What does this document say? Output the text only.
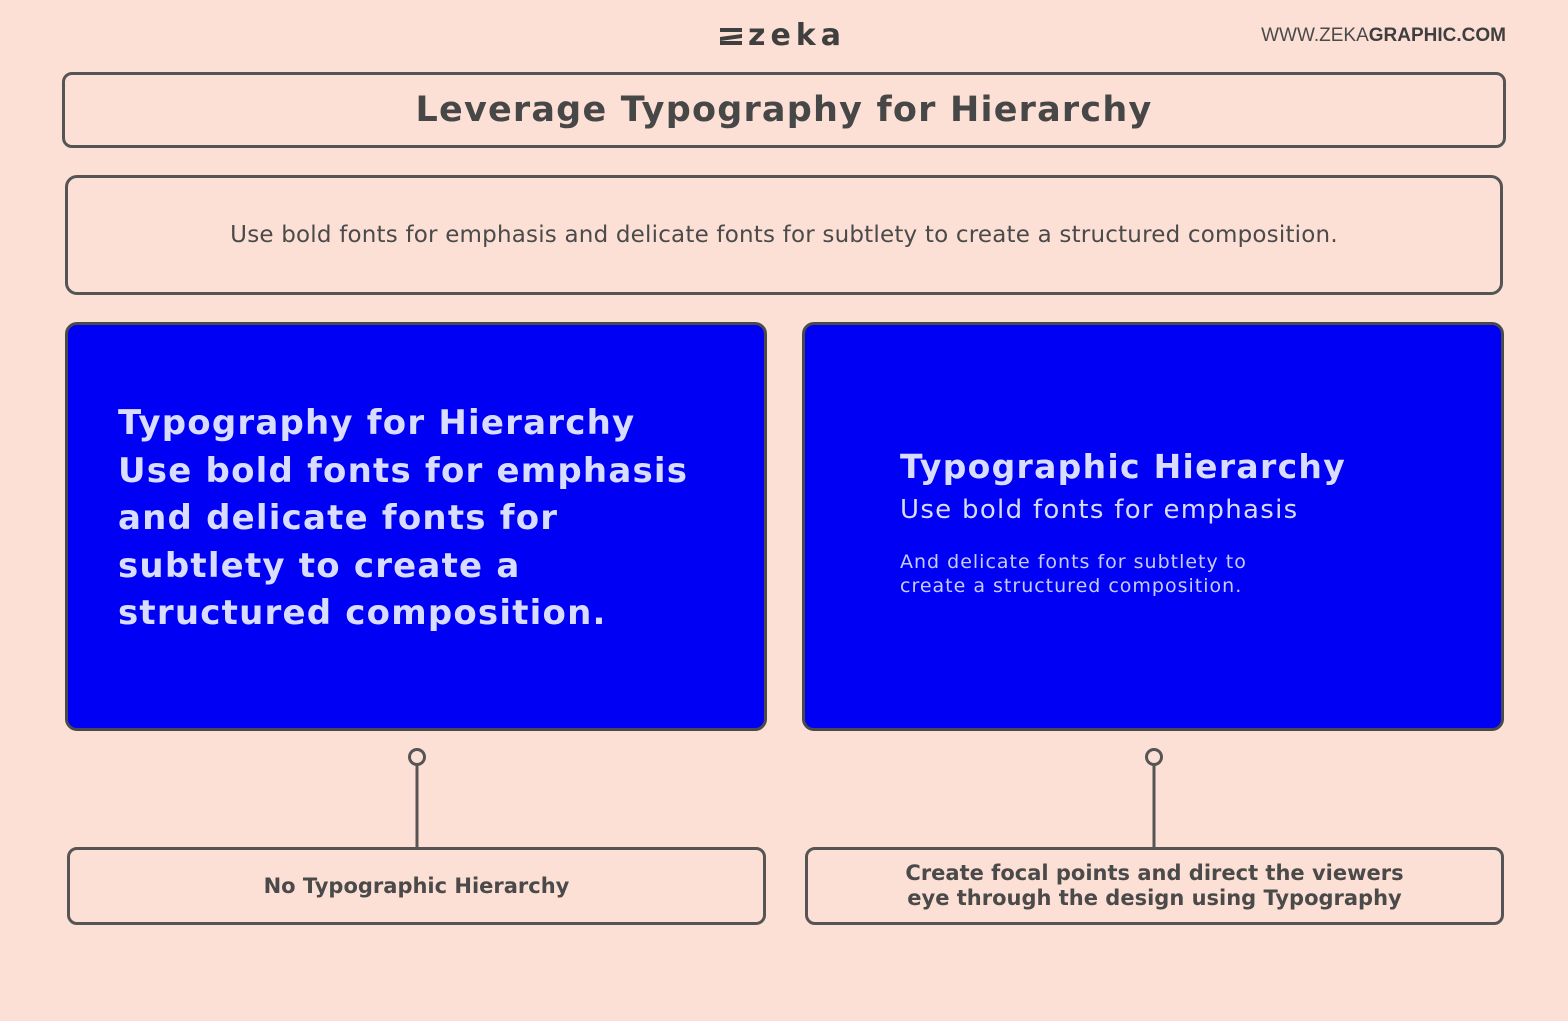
zeka	WWW.ZEKAGRAPHIC.COM
Leverage Typography for Hierarchy
Use bold fonts for emphasis and delicate fonts for subtlety to create a structured composition.
Typography for Hierarchy
Use bold fonts for emphasis
and delicate fonts for
subtlety to create a
structured composition.
Typographic Hierarchy
Use bold fonts for emphasis
And delicate fonts for subtlety to
create a structured composition.
No Typographic Hierarchy
Create focal points and direct the viewers
eye through the design using Typography
